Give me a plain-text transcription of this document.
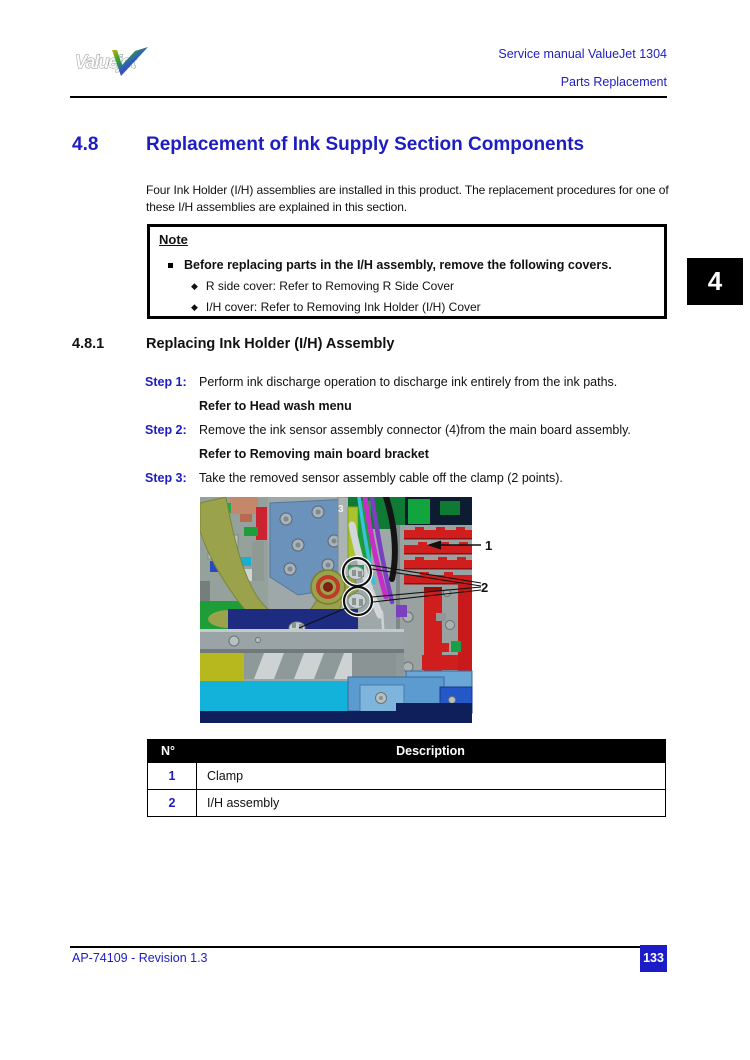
Valuejet	Service manual ValueJet 1304
Parts Replacement
4
4.8	Replacement of Ink Supply Section Components
Four Ink Holder (I/H) assemblies are installed in this product. The replacement procedures for one of these I/H assemblies are explained in this section.
Note
Before replacing parts in the I/H assembly, remove the following covers.
◆ R side cover: Refer to Removing R Side Cover
◆ I/H cover: Refer to Removing Ink Holder (I/H) Cover
4.8.1	Replacing Ink Holder (I/H) Assembly
Step 1: Perform ink discharge operation to discharge ink entirely from the ink paths.
Refer to Head wash menu
Step 2: Remove the ink sensor assembly connector (4)from the main board assembly.
Refer to Removing main board bracket
Step 3: Take the removed sensor assembly cable off the clamp (2 points).
1
2
3
N°	Description
1	Clamp
2	I/H assembly
AP-74109 - Revision 1.3	133
